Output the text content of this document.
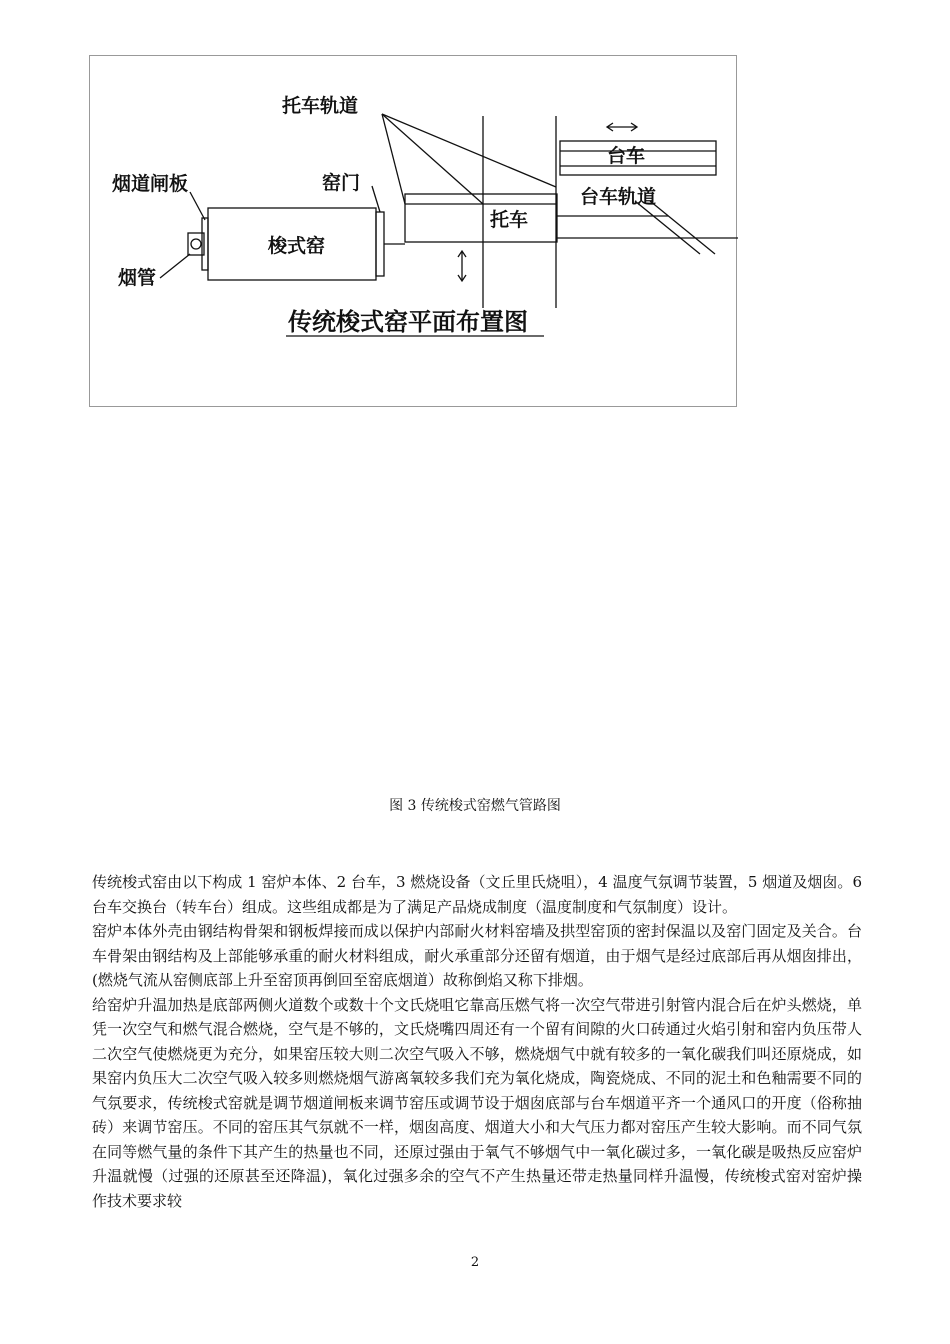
托车轨道
台车
台车轨道
烟道闸板	窑门
梭式窑
托车
烟管
传统梭式窑平面布置图
图 3 传统梭式窑燃气管路图

传统梭式窑由以下构成 1 窑炉本体、2 台车，3 燃烧设备（文丘里氏烧咀），4 温度气氛调节装置，5 烟道及烟囱。6 台车交换台（转车台）组成。这些组成都是为了满足产品烧成制度（温度制度和气氛制度）设计。

窑炉本体外壳由钢结构骨架和钢板焊接而成以保护内部耐火材料窑墙及拱型窑顶的密封保温以及窑门固定及关合。台车骨架由钢结构及上部能够承重的耐火材料组成，耐火承重部分还留有烟道，由于烟气是经过底部后再从烟囱排出，(燃烧气流从窑侧底部上升至窑顶再倒回至窑底烟道）故称倒焰又称下排烟。

给窑炉升温加热是底部两侧火道数个或数十个文氏烧咀它靠高压燃气将一次空气带进引射管内混合后在炉头燃烧，单凭一次空气和燃气混合燃烧，空气是不够的，文氏烧嘴四周还有一个留有间隙的火口砖通过火焰引射和窑内负压带人二次空气使燃烧更为充分，如果窑压较大则二次空气吸入不够，燃烧烟气中就有较多的一氧化碳我们叫还原烧成，如果窑内负压大二次空气吸入较多则燃烧烟气游离氧较多我们充为氧化烧成，陶瓷烧成、不同的泥土和色釉需要不同的气氛要求，传统梭式窑就是调节烟道闸板来调节窑压或调节设于烟囱底部与台车烟道平齐一个通风口的开度（俗称抽砖）来调节窑压。不同的窑压其气氛就不一样，烟囱高度、烟道大小和大气压力都对窑压产生较大影响。而不同气氛在同等燃气量的条件下其产生的热量也不同，还原过强由于氧气不够烟气中一氧化碳过多，一氧化碳是吸热反应窑炉升温就慢（过强的还原甚至还降温)，氧化过强多余的空气不产生热量还带走热量同样升温慢，传统梭式窑对窑炉操作技术要求较

2
